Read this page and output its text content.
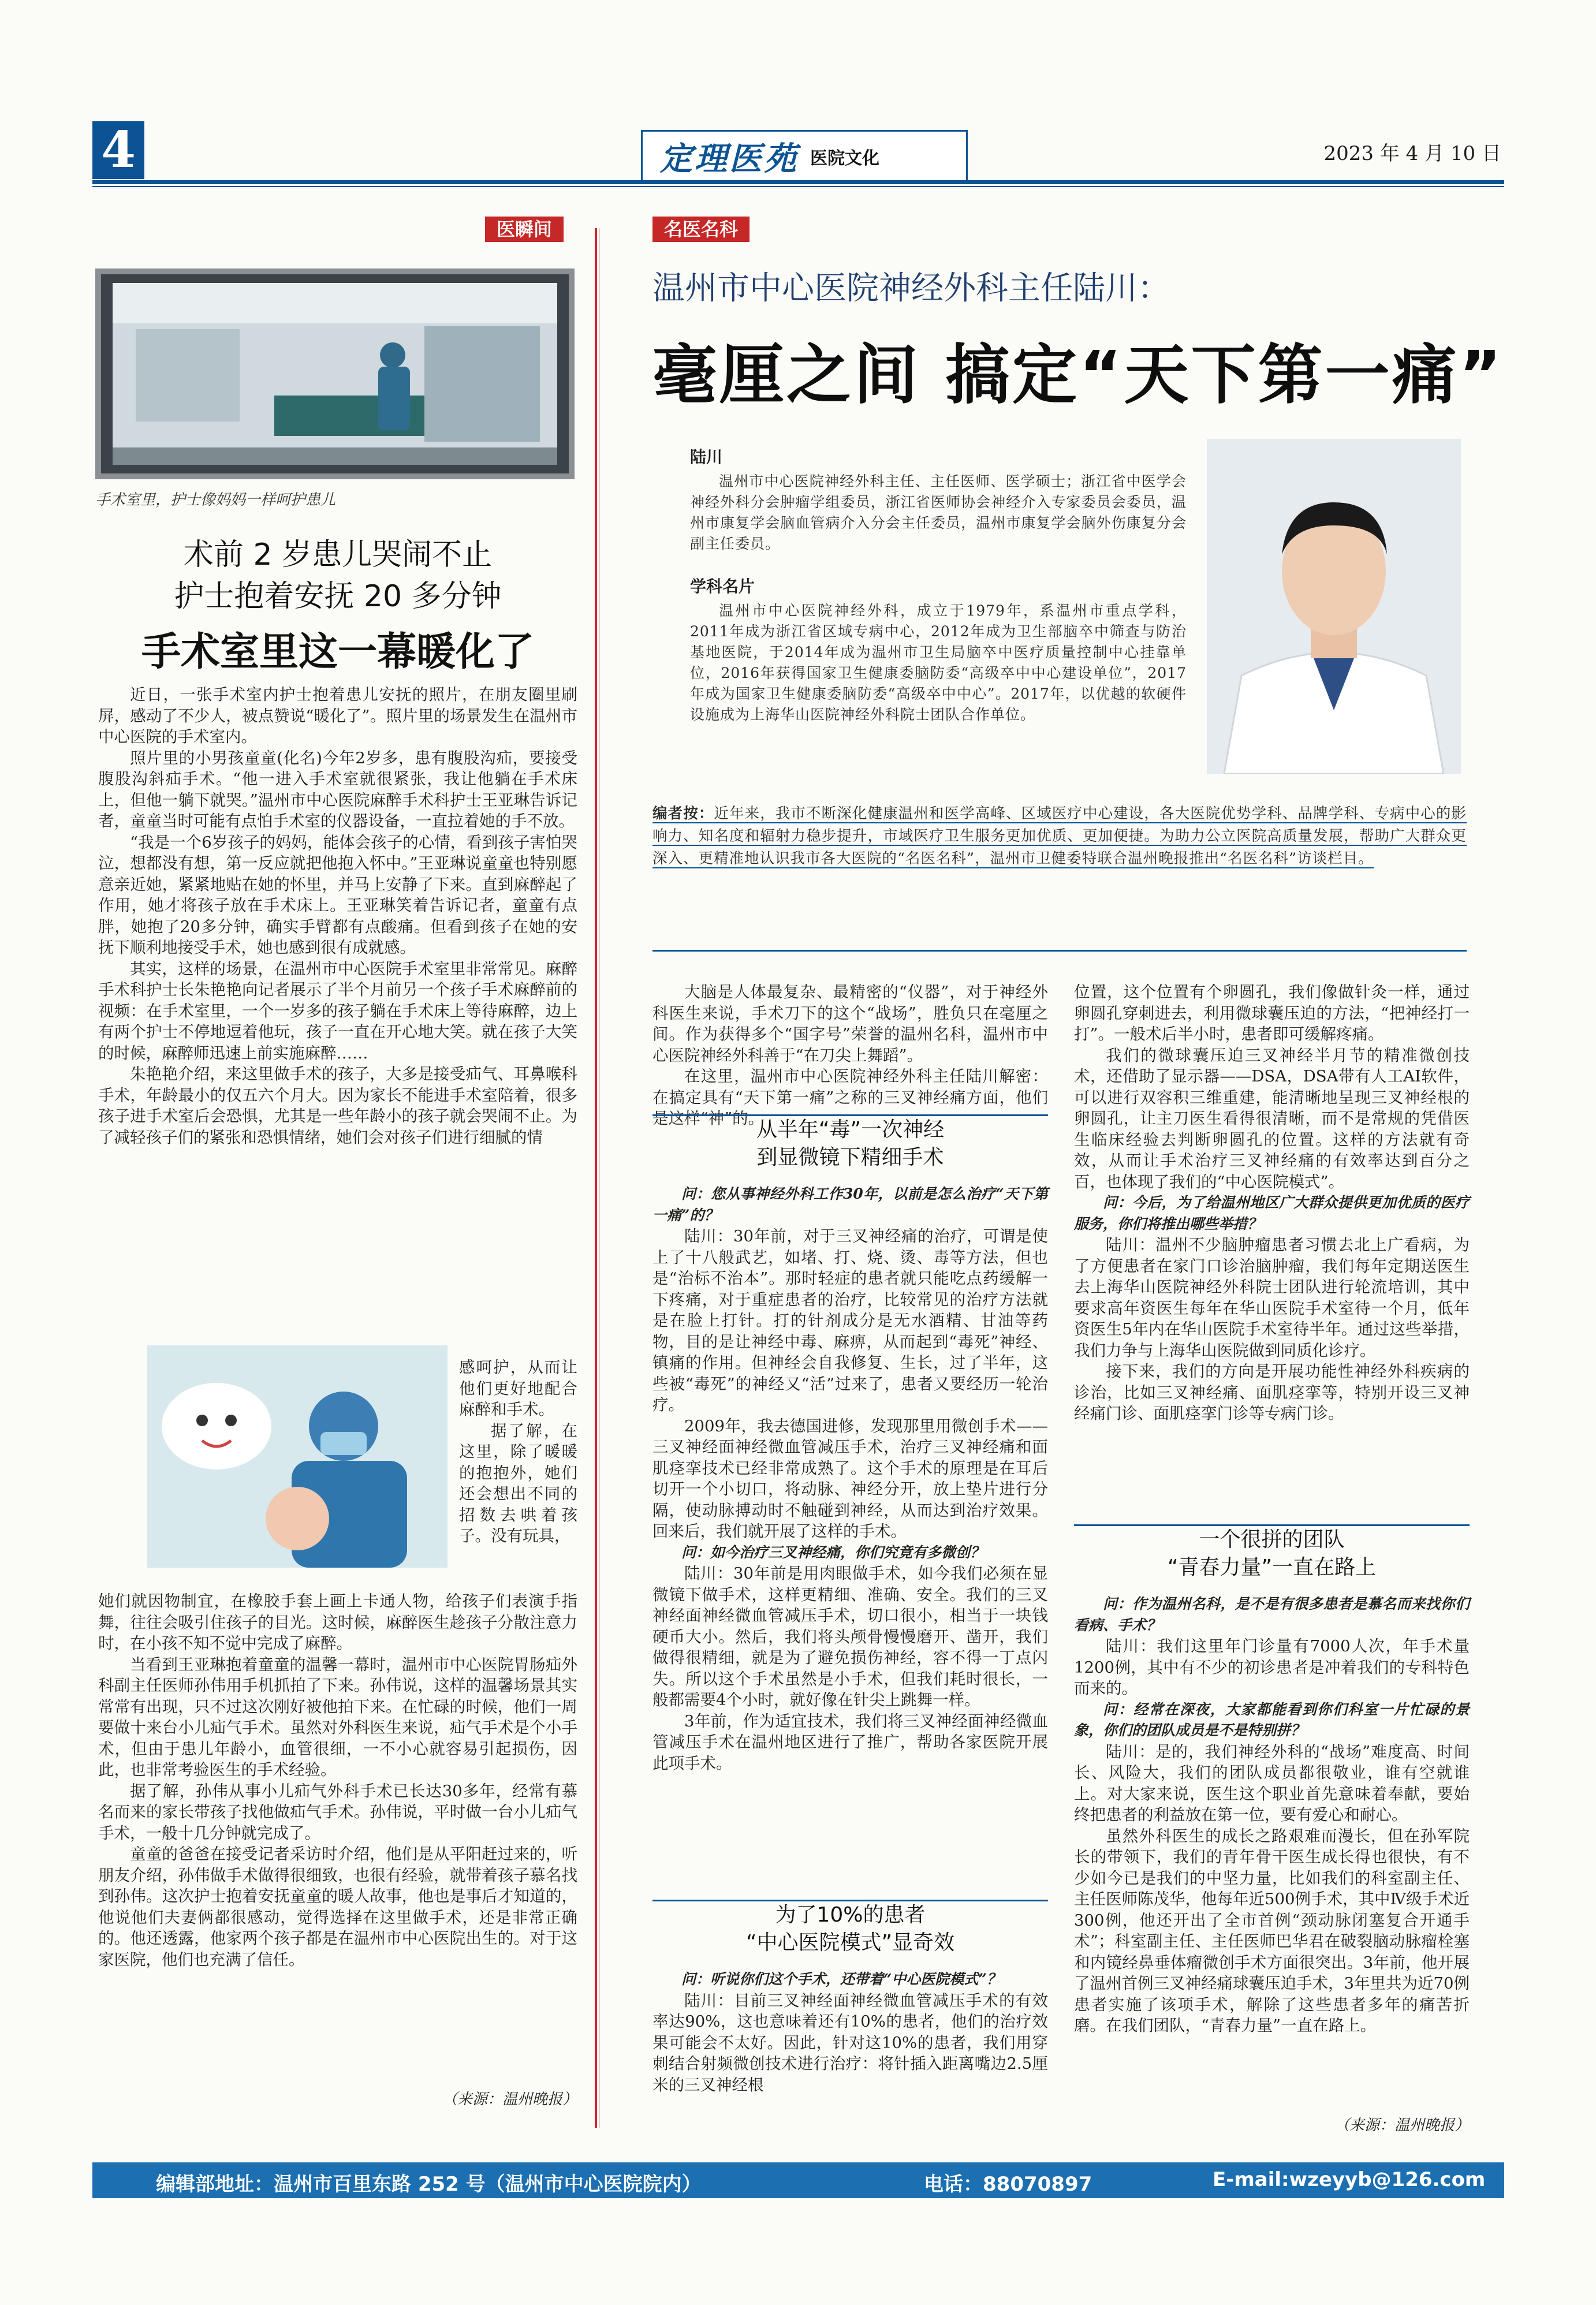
4	定理医苑 医院文化	2023 年 4 月 10 日
医瞬间
手术室里，护士像妈妈一样呵护患儿
术前 2 岁患儿哭闹不止
护士抱着安抚 20 多分钟
手术室里这一幕暖化了

近日，一张手术室内护士抱着患儿安抚的照片，在朋友圈里刷屏，感动了不少人，被点赞说“暖化了”。照片里的场景发生在温州市中心医院的手术室内。

照片里的小男孩童童(化名)今年2岁多，患有腹股沟疝，要接受腹股沟斜疝手术。“他一进入手术室就很紧张，我让他躺在手术床上，但他一躺下就哭。”温州市中心医院麻醉手术科护士王亚琳告诉记者，童童当时可能有点怕手术室的仪器设备，一直拉着她的手不放。

“我是一个6岁孩子的妈妈，能体会孩子的心情，看到孩子害怕哭泣，想都没有想，第一反应就把他抱入怀中。”王亚琳说童童也特别愿意亲近她，紧紧地贴在她的怀里，并马上安静了下来。直到麻醉起了作用，她才将孩子放在手术床上。王亚琳笑着告诉记者，童童有点胖，她抱了20多分钟，确实手臂都有点酸痛。但看到孩子在她的安抚下顺利地接受手术，她也感到很有成就感。

其实，这样的场景，在温州市中心医院手术室里非常常见。麻醉手术科护士长朱艳艳向记者展示了半个月前另一个孩子手术麻醉前的视频：在手术室里，一个一岁多的孩子躺在手术床上等待麻醉，边上有两个护士不停地逗着他玩，孩子一直在开心地大笑。就在孩子大笑的时候，麻醉师迅速上前实施麻醉……

朱艳艳介绍，来这里做手术的孩子，大多是接受疝气、耳鼻喉科手术，年龄最小的仅五六个月大。因为家长不能进手术室陪着，很多孩子进手术室后会恐惧，尤其是一些年龄小的孩子就会哭闹不止。为了减轻孩子们的紧张和恐惧情绪，她们会对孩子们进行细腻的情

感呵护，从而让他们更好地配合麻醉和手术。

据了解，在这里，除了暖暖的抱抱外，她们还会想出不同的招数去哄着孩子。没有玩具，

她们就因物制宜，在橡胶手套上画上卡通人物，给孩子们表演手指舞，往往会吸引住孩子的目光。这时候，麻醉医生趁孩子分散注意力时，在小孩不知不觉中完成了麻醉。

当看到王亚琳抱着童童的温馨一幕时，温州市中心医院胃肠疝外科副主任医师孙伟用手机抓拍了下来。孙伟说，这样的温馨场景其实常常有出现，只不过这次刚好被他拍下来。在忙碌的时候，他们一周要做十来台小儿疝气手术。虽然对外科医生来说，疝气手术是个小手术，但由于患儿年龄小，血管很细，一不小心就容易引起损伤，因此，也非常考验医生的手术经验。

据了解，孙伟从事小儿疝气外科手术已长达30多年，经常有慕名而来的家长带孩子找他做疝气手术。孙伟说，平时做一台小儿疝气手术，一般十几分钟就完成了。

童童的爸爸在接受记者采访时介绍，他们是从平阳赶过来的，听朋友介绍，孙伟做手术做得很细致，也很有经验，就带着孩子慕名找到孙伟。这次护士抱着安抚童童的暖人故事，他也是事后才知道的，他说他们夫妻俩都很感动，觉得选择在这里做手术，还是非常正确的。他还透露，他家两个孩子都是在温州市中心医院出生的。对于这家医院，他们也充满了信任。

（来源：温州晚报）
名医名科
温州市中心医院神经外科主任陆川：
毫厘之间 搞定“天下第一痛”
陆川
温州市中心医院神经外科主任、主任医师、医学硕士；浙江省中医学会神经外科分会肿瘤学组委员，浙江省医师协会神经介入专家委员会委员，温州市康复学会脑血管病介入分会主任委员，温州市康复学会脑外伤康复分会副主任委员。
学科名片
温州市中心医院神经外科，成立于1979年，系温州市重点学科，2011年成为浙江省区域专病中心，2012年成为卫生部脑卒中筛查与防治基地医院，于2014年成为温州市卫生局脑卒中医疗质量控制中心挂靠单位，2016年获得国家卫生健康委脑防委“高级卒中中心建设单位”，2017年成为国家卫生健康委脑防委“高级卒中中心”。2017年，以优越的软硬件设施成为上海华山医院神经外科院士团队合作单位。
编者按：近年来，我市不断深化健康温州和医学高峰、区域医疗中心建设，各大医院优势学科、品牌学科、专病中心的影响力、知名度和辐射力稳步提升，市域医疗卫生服务更加优质、更加便捷。为助力公立医院高质量发展，帮助广大群众更深入、更精准地认识我市各大医院的“名医名科”，温州市卫健委特联合温州晚报推出“名医名科”访谈栏目。

大脑是人体最复杂、最精密的“仪器”，对于神经外科医生来说，手术刀下的这个“战场”，胜负只在毫厘之间。作为获得多个“国字号”荣誉的温州名科，温州市中心医院神经外科善于“在刀尖上舞蹈”。

在这里，温州市中心医院神经外科主任陆川解密：在搞定具有“天下第一痛”之称的三叉神经痛方面，他们是这样“神”的。

从半年“毒”一次神经
到显微镜下精细手术

问：您从事神经外科工作30年，以前是怎么治疗“天下第一痛”的？

陆川：30年前，对于三叉神经痛的治疗，可谓是使上了十八般武艺，如堵、打、烧、烫、毒等方法，但也是“治标不治本”。那时轻症的患者就只能吃点药缓解一下疼痛，对于重症患者的治疗，比较常见的治疗方法就是在脸上打针。打的针剂成分是无水酒精、甘油等药物，目的是让神经中毒、麻痹，从而起到“毒死”神经、镇痛的作用。但神经会自我修复、生长，过了半年，这些被“毒死”的神经又“活”过来了，患者又要经历一轮治疗。

2009年，我去德国进修，发现那里用微创手术——三叉神经面神经微血管减压手术，治疗三叉神经痛和面肌痉挛技术已经非常成熟了。这个手术的原理是在耳后切开一个小切口，将动脉、神经分开，放上垫片进行分隔，使动脉搏动时不触碰到神经，从而达到治疗效果。回来后，我们就开展了这样的手术。

问：如今治疗三叉神经痛，你们究竟有多微创？

陆川：30年前是用肉眼做手术，如今我们必须在显微镜下做手术，这样更精细、准确、安全。我们的三叉神经面神经微血管减压手术，切口很小，相当于一块钱硬币大小。然后，我们将头颅骨慢慢磨开、凿开，我们做得很精细，就是为了避免损伤神经，容不得一丁点闪失。所以这个手术虽然是小手术，但我们耗时很长，一般都需要4个小时，就好像在针尖上跳舞一样。

3年前，作为适宜技术，我们将三叉神经面神经微血管减压手术在温州地区进行了推广，帮助各家医院开展此项手术。

为了10%的患者
“中心医院模式”显奇效

问：听说你们这个手术，还带着“中心医院模式”？

陆川：目前三叉神经面神经微血管减压手术的有效率达90%，这也意味着还有10%的患者，他们的治疗效果可能会不太好。因此，针对这10%的患者，我们用穿刺结合射频微创技术进行治疗：将针插入距离嘴边2.5厘米的三叉神经根

位置，这个位置有个卵圆孔，我们像做针灸一样，通过卵圆孔穿刺进去，利用微球囊压迫的方法，“把神经打一打”。一般术后半小时，患者即可缓解疼痛。

我们的微球囊压迫三叉神经半月节的精准微创技术，还借助了显示器——DSA，DSA带有人工AI软件，可以进行双容积三维重建，能清晰地呈现三叉神经根的卵圆孔，让主刀医生看得很清晰，而不是常规的凭借医生临床经验去判断卵圆孔的位置。这样的方法就有奇效，从而让手术治疗三叉神经痛的有效率达到百分之百，也体现了我们的“中心医院模式”。

问：今后，为了给温州地区广大群众提供更加优质的医疗服务，你们将推出哪些举措？

陆川：温州不少脑肿瘤患者习惯去北上广看病，为了方便患者在家门口诊治脑肿瘤，我们每年定期送医生去上海华山医院神经外科院士团队进行轮流培训，其中要求高年资医生每年在华山医院手术室待一个月，低年资医生5年内在华山医院手术室待半年。通过这些举措，我们力争与上海华山医院做到同质化诊疗。

接下来，我们的方向是开展功能性神经外科疾病的诊治，比如三叉神经痛、面肌痉挛等，特别开设三叉神经痛门诊、面肌痉挛门诊等专病门诊。

一个很拼的团队
“青春力量”一直在路上

问：作为温州名科，是不是有很多患者是慕名而来找你们看病、手术？

陆川：我们这里年门诊量有7000人次，年手术量1200例，其中有不少的初诊患者是冲着我们的专科特色而来的。

问：经常在深夜，大家都能看到你们科室一片忙碌的景象，你们的团队成员是不是特别拼？

陆川：是的，我们神经外科的“战场”难度高、时间长、风险大，我们的团队成员都很敬业，谁有空就谁上。对大家来说，医生这个职业首先意味着奉献，要始终把患者的利益放在第一位，要有爱心和耐心。

虽然外科医生的成长之路艰难而漫长，但在孙军院长的带领下，我们的青年骨干医生成长得也很快，有不少如今已是我们的中坚力量，比如我们的科室副主任、主任医师陈茂华，他每年近500例手术，其中Ⅳ级手术近300例，他还开出了全市首例“颈动脉闭塞复合开通手术”；科室副主任、主任医师巴华君在破裂脑动脉瘤栓塞和内镜经鼻垂体瘤微创手术方面很突出。3年前，他开展了温州首例三叉神经痛球囊压迫手术，3年里共为近70例患者实施了该项手术，解除了这些患者多年的痛苦折磨。在我们团队，“青春力量”一直在路上。

（来源：温州晚报）
编辑部地址：温州市百里东路 252 号（温州市中心医院院内）	电话：88070897	E-mail:wzeyyb@126.com
